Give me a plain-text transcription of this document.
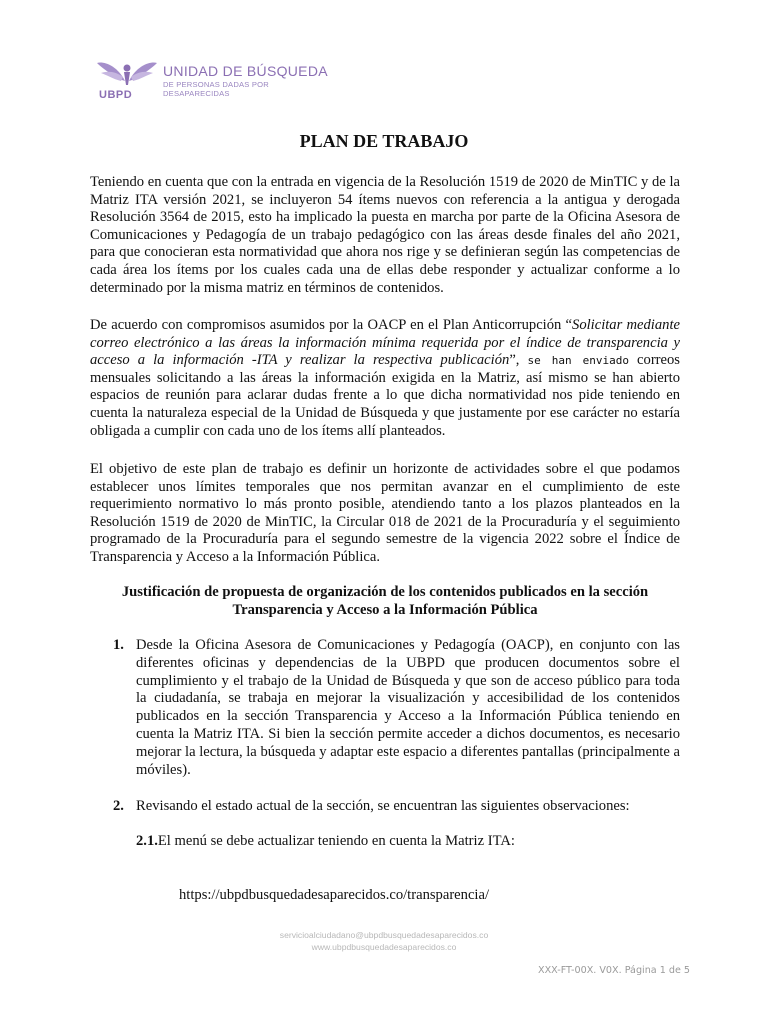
UBPD
UNIDAD DE BÚSQUEDA
DE PERSONAS DADAS POR DESAPARECIDAS
PLAN DE TRABAJO

Teniendo en cuenta que con la entrada en vigencia de la Resolución 1519 de 2020 de MinTIC y de la Matriz ITA versión 2021, se incluyeron 54 ítems nuevos con referencia a la antigua y derogada Resolución 3564 de 2015, esto ha implicado la puesta en marcha por parte de la Oficina Asesora de Comunicaciones y Pedagogía de un trabajo pedagógico con las áreas desde finales del año 2021, para que conocieran esta normatividad que ahora nos rige y se definieran según las competencias de cada área los ítems por los cuales cada una de ellas debe responder y actualizar conforme a lo determinado por la misma matriz en términos de contenidos.

De acuerdo con compromisos asumidos por la OACP en el Plan Anticorrupción “Solicitar mediante correo electrónico a las áreas la información mínima requerida por el índice de transparencia y acceso a la información -ITA y realizar la respectiva publicación”, se han enviado correos mensuales solicitando a las áreas la información exigida en la Matriz, así mismo se han abierto espacios de reunión para aclarar dudas frente a lo que dicha normatividad nos pide teniendo en cuenta la naturaleza especial de la Unidad de Búsqueda y que justamente por ese carácter no estaría obligada a cumplir con cada uno de los ítems allí planteados.

El objetivo de este plan de trabajo es definir un horizonte de actividades sobre el que podamos establecer unos límites temporales que nos permitan avanzar en el cumplimiento de este requerimiento normativo lo más pronto posible, atendiendo tanto a los plazos planteados en la Resolución 1519 de 2020 de MinTIC, la Circular 018 de 2021 de la Procuraduría y el seguimiento programado de la Procuraduría para el segundo semestre de la vigencia 2022 sobre el Índice de Transparencia y Acceso a la Información Pública.

Justificación de propuesta de organización de los contenidos publicados en la sección
Transparencia y Acceso a la Información Pública
1. Desde la Oficina Asesora de Comunicaciones y Pedagogía (OACP), en conjunto con las diferentes oficinas y dependencias de la UBPD que producen documentos sobre el cumplimiento y el trabajo de la Unidad de Búsqueda y que son de acceso público para toda la ciudadanía, se trabaja en mejorar la visualización y accesibilidad de los contenidos publicados en la sección Transparencia y Acceso a la Información Pública teniendo en cuenta la Matriz ITA. Si bien la sección permite acceder a dichos documentos, es necesario mejorar la lectura, la búsqueda y adaptar este espacio a diferentes pantallas (principalmente a móviles).
2. Revisando el estado actual de la sección, se encuentran las siguientes observaciones:
2.1.El menú se debe actualizar teniendo en cuenta la Matriz ITA:
https://ubpdbusquedadesaparecidos.co/transparencia/
servicioalciudadano@ubpdbusquedadesaparecidos.co
www.ubpdbusquedadesaparecidos.co
XXX-FT-00X. V0X. Página 1 de 5
